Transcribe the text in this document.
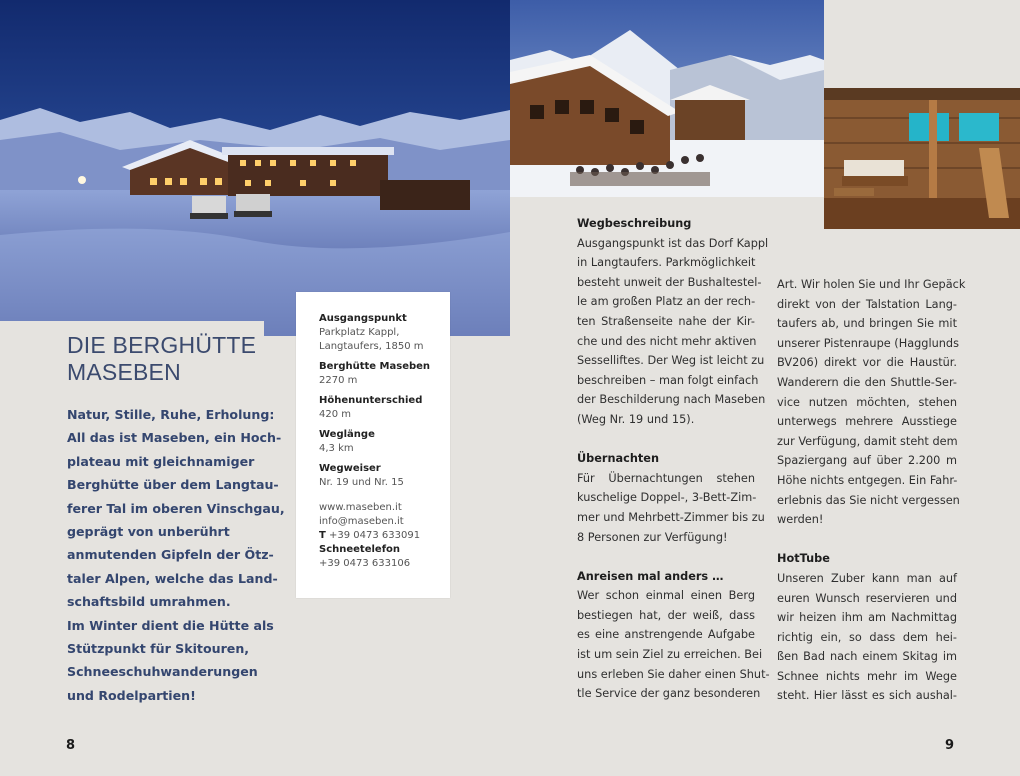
DIE BERGHÜTTE
MASEBEN
Natur, Stille, Ruhe, Erholung:
All das ist Maseben, ein Hoch-
plateau mit gleichnamiger
Berghütte über dem Langtau-
ferer Tal im oberen Vinschgau,
geprägt von unberührt
anmutenden Gipfeln der Ötz-
taler Alpen, welche das Land-
schaftsbild umrahmen.
Im Winter dient die Hütte als
Stützpunkt für Skitouren,
Schneeschuhwanderungen
und Rodelpartien!
Ausgangspunkt
Parkplatz Kappl,
Langtaufers, 1850 m
Berghütte Maseben
2270 m
Höhenunterschied
420 m
Weglänge
4,3 km
Wegweiser
Nr. 19 und Nr. 15
www.maseben.it
info@maseben.it
T +39 0473 633091
Schneetelefon
+39 0473 633106
Wegbeschreibung
Ausgangspunkt ist das Dorf Kappl
in Langtaufers. Parkmöglichkeit
besteht unweit der Bushaltestel-
le am großen Platz an der rech-
ten Straßenseite nahe der Kir-
che und des nicht mehr aktiven
Sesselliftes. Der Weg ist leicht zu
beschreiben – man folgt einfach
der Beschilderung nach Maseben
(Weg Nr. 19 und 15).
Übernachten
Für Übernachtungen stehen
kuschelige Doppel-, 3-Bett-Zim-
mer und Mehrbett-Zimmer bis zu
8 Personen zur Verfügung!
Anreisen mal anders …
Wer schon einmal einen Berg
bestiegen hat, der weiß, dass
es eine anstrengende Aufgabe
ist um sein Ziel zu erreichen. Bei
uns erleben Sie daher einen Shut-
tle Service der ganz besonderen
Art. Wir holen Sie und Ihr Gepäck
direkt von der Talstation Lang-
taufers ab, und bringen Sie mit
unserer Pistenraupe (Hagglunds
BV206) direkt vor die Haustür.
Wanderern die den Shuttle-Ser-
vice nutzen möchten, stehen
unterwegs mehrere Ausstiege
zur Verfügung, damit steht dem
Spaziergang auf über 2.200 m
Höhe nichts entgegen. Ein Fahr-
erlebnis das Sie nicht vergessen
werden!
HotTube
Unseren Zuber kann man auf
euren Wunsch reservieren und
wir heizen ihm am Nachmittag
richtig ein, so dass dem hei-
ßen Bad nach einem Skitag im
Schnee nichts mehr im Wege
steht. Hier lässt es sich aushal-
8	9
